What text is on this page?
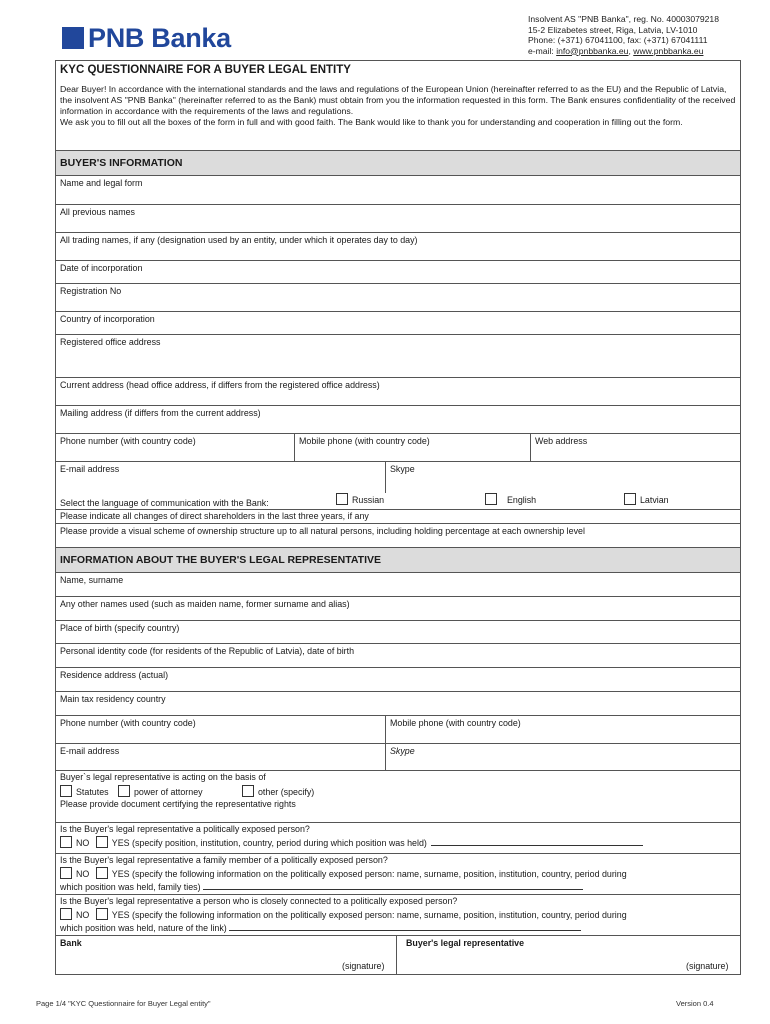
PNB Banka
Insolvent AS "PNB Banka", reg. No. 40003079218
15-2 Elizabetes street, Riga, Latvia, LV-1010
Phone: (+371) 67041100, fax: (+371) 67041111
e-mail: info@pnbbanka.eu, www.pnbbanka.eu
KYC QUESTIONNAIRE FOR A BUYER LEGAL ENTITY

Dear Buyer! In accordance with the international standards and the laws and regulations of the European Union (hereinafter referred to as the EU) and the Republic of Latvia, the insolvent AS "PNB Banka" (hereinafter referred to as the Bank) must obtain from you the information requested in this form. The Bank ensures confidentiality of the received information in accordance with the requirements of the laws and regulations.

We ask you to fill out all the boxes of the form in full and with good faith. The Bank would like to thank you for understanding and cooperation in filling out the form.

BUYER'S INFORMATION
Name and legal form
All previous names
All trading names, if any (designation used by an entity, under which it operates day to day)
Date of incorporation
Registration No
Country of incorporation
Registered office address
Current address (head office address, if differs from the registered office address)
Mailing address (if differs from the current address)
Phone number (with country code)	Mobile phone (with country code)	Web address
E-mail address	Skype
Select the language of communication with the Bank:	Russian	English	Latvian
Please indicate all changes of direct shareholders in the last three years, if any
Please provide a visual scheme of ownership structure up to all natural persons, including holding percentage at each ownership level
INFORMATION ABOUT THE BUYER'S LEGAL REPRESENTATIVE
Name, surname
Any other names used (such as maiden name, former surname and alias)
Place of birth (specify country)
Personal identity code (for residents of the Republic of Latvia), date of birth
Residence address (actual)
Main tax residency country
Phone number (with country code)	Mobile phone (with country code)
E-mail address	Skype
Buyer`s legal representative is acting on the basis of
Statutes	power of attorney	other (specify)
Please provide document certifying the representative rights
Is the Buyer's legal representative a politically exposed person?
NO	YES (specify position, institution, country, period during which position was held)
Is the Buyer's legal representative a family member of a politically exposed person?
NO	YES (specify the following information on the politically exposed person: name, surname, position, institution, country, period during
which position was held, family ties)
Is the Buyer's legal representative a person who is closely connected to a politically exposed person?
NO	YES (specify the following information on the politically exposed person: name, surname, position, institution, country, period during
which position was held, nature of the link)
Bank
(signature)
Buyer's legal representative
(signature)
Page 1/4 "KYC Questionnaire for Buyer Legal entity"	Version 0.4
